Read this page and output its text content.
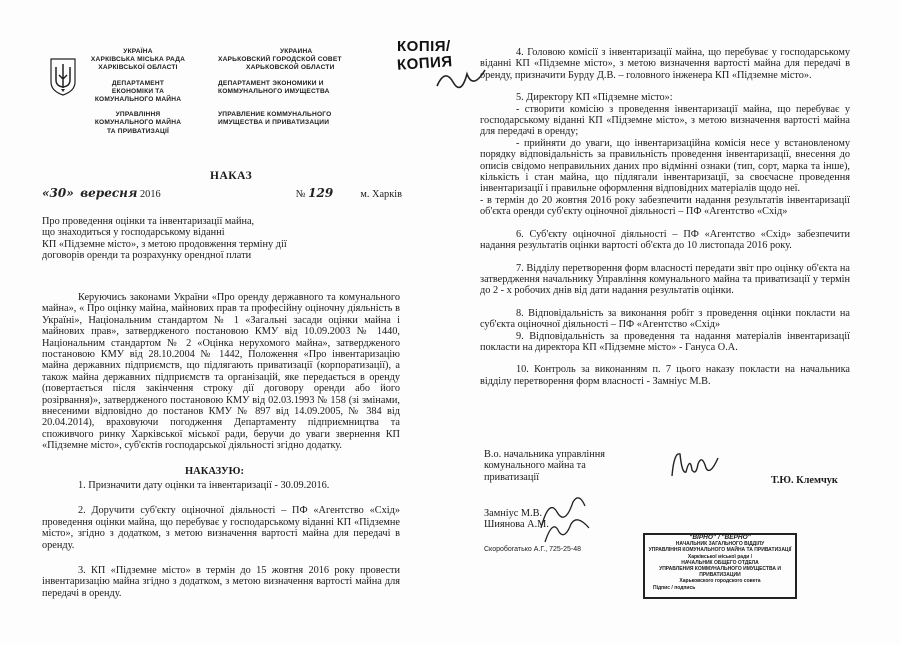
УКРАЇНА
ХАРКІВСЬКА МІСЬКА РАДА
ХАРКІВСЬКОЇ ОБЛАСТІ
ДЕПАРТАМЕНТ
ЕКОНОМІКИ ТА
КОМУНАЛЬНОГО МАЙНА
УПРАВЛІННЯ
КОМУНАЛЬНОГО МАЙНА
ТА ПРИВАТИЗАЦІЇ
УКРАИНА
ХАРЬКОВСКИЙ ГОРОДСКОЙ СОВЕТ
ХАРЬКОВСКОЙ ОБЛАСТИ
ДЕПАРТАМЕНТ ЭКОНОМИКИ И
КОММУНАЛЬНОГО ИМУЩЕСТВА
УПРАВЛЕНИЕ КОММУНАЛЬНОГО
ИМУЩЕСТВА И ПРИВАТИЗАЦИИ
КОПІЯ/
КОПИЯ
НАКАЗ
«30» вересня 2016	№ 129	м. Харків
Про проведення оцінки та інвентаризації майна,
що знаходиться у господарському віданні
КП «Підземне місто», з метою продовження терміну дії
договорів оренди та розрахунку орендної плати

Керуючись законами України «Про оренду державного та комунального майна», « Про оцінку майна, майнових прав та професійну оціночну діяльність в Україні», Національним стандартом № 1 «Загальні засади оцінки майна і майнових прав», затвердженого постановою КМУ від 10.09.2003 № 1440, Національним стандартом № 2 «Оцінка нерухомого майна», затвердженого постановою КМУ від 28.10.2004 № 1442, Положення «Про інвентаризацію майна державних підприємств, що підлягають приватизації (корпоратизації), а також майна державних підприємств та організацій, яке передається в оренду (повертається після закінчення строку дії договору оренди або його розірвання)», затвердженого постановою КМУ від 02.03.1993 № 158 (зі змінами, внесеними відповідно до постанов КМУ № 897 від 14.09.2005, № 384 від 20.04.2014), враховуючи погодження Департаменту підприємництва та споживчого ринку Харківської міської ради, беручи до уваги звернення КП «Підземне місто», суб'єктів господарської діяльності згідно додатку.

НАКАЗУЮ:

1. Призначити дату оцінки та інвентаризації - 30.09.2016.

2. Доручити суб'єкту оціночної діяльності – ПФ «Агентство «Схід» проведення оцінки майна, що перебуває у господарському віданні КП «Підземне місто», згідно з додатком, з метою визначення вартості майна для передачі в оренду.

3. КП «Підземне місто» в термін до 15 жовтня 2016 року провести інвентаризацію майна згідно з додатком, з метою визначення вартості майна для передачі в оренду.

4. Головою комісії з інвентаризації майна, що перебуває у господарському віданні КП «Підземне місто», з метою визначення вартості майна для передачі в оренду, призначити Бурду Д.В. – головного інженера КП «Підземне місто».

5. Директору КП «Підземне місто»:

- створити комісію з проведення інвентаризації майна, що перебуває у господарському віданні КП «Підземне місто», з метою визначення вартості майна для передачі в оренду;

- прийняти до уваги, що інвентаризаційна комісія несе у встановленому порядку відповідальність за правильність проведення інвентаризації, внесення до описів свідомо неправильних даних про відмінні ознаки (тип, сорт, марка та інше), кількість і стан майна, що підлягали інвентаризації, за своєчасне проведення інвентаризації і правильне оформлення відповідних матеріалів щодо неї.

- в термін до 20 жовтня 2016 року забезпечити надання результатів інвентаризації об'єкта оренди суб'єкту оціночної діяльності – ПФ «Агентство «Схід»

6. Суб'єкту оціночної діяльності – ПФ «Агентство «Схід» забезпечити надання результатів оцінки вартості об'єкта до 10 листопада 2016 року.

7. Відділу перетворення форм власності передати звіт про оцінку об'єкта на затвердження начальнику Управління комунального майна та приватизації у термін до 2 - х робочих днів від дати надання результатів оцінки.

8. Відповідальність за виконання робіт з проведення оцінки покласти на суб'єкта оціночної діяльності – ПФ «Агентство «Схід»

9. Відповідальність за проведення та надання матеріалів інвентаризації покласти на директора КП «Підземне місто» - Гануса О.А.

10. Контроль за виконанням п. 7 цього наказу покласти на начальника відділу перетворення форм власності - Замнiус М.В.

В.о. начальника управління
комунального майна та
приватизації	Т.Ю. Клемчук
Замніус М.В.
Шиянова А.М.
Скоробогатько А.Г., 725-25-48
"ВІРНО" / "ВЕРНО"
НАЧАЛЬНИК ЗАГАЛЬНОГО ВІДДІЛУ
УПРАВЛІННЯ КОМУНАЛЬНОГО МАЙНА ТА ПРИВАТИЗАЦІЇ
Харківської міської ради /
НАЧАЛЬНИК ОБЩЕГО ОТДЕЛА
УПРАВЛЕНИЯ КОММУНАЛЬНОГО ИМУЩЕСТВА И ПРИВАТИЗАЦИИ
Харьковского городского совета
Підпис / подпись
